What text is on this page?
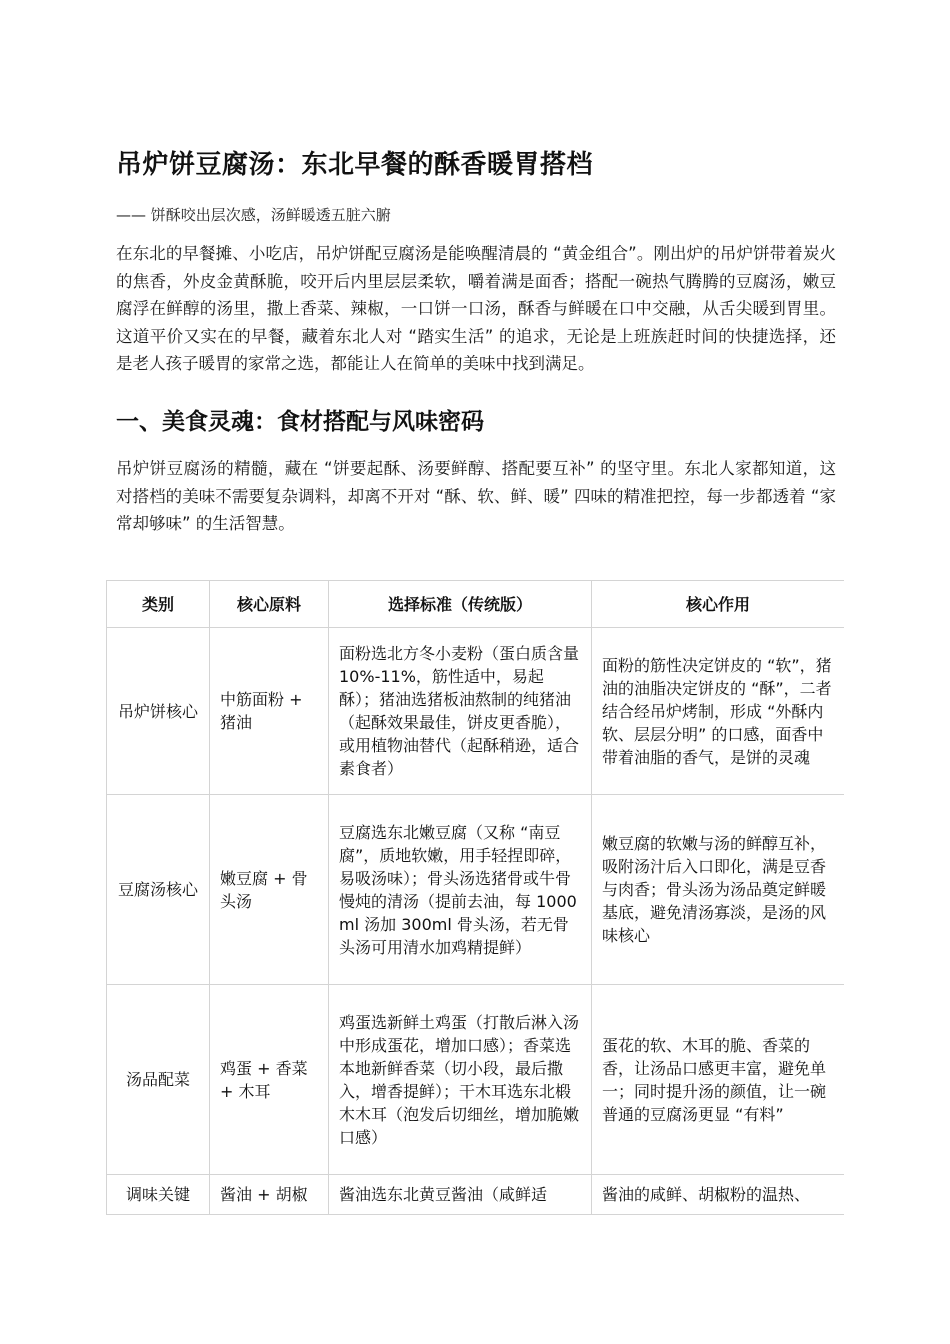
吊炉饼豆腐汤：东北早餐的酥香暖胃搭档

—— 饼酥咬出层次感，汤鲜暖透五脏六腑

在东北的早餐摊、小吃店，吊炉饼配豆腐汤是能唤醒清晨的 “黄金组合”。刚出炉的吊炉饼带着炭火的焦香，外皮金黄酥脆，咬开后内里层层柔软，嚼着满是面香；搭配一碗热气腾腾的豆腐汤，嫩豆腐浮在鲜醇的汤里，撒上香菜、辣椒，一口饼一口汤，酥香与鲜暖在口中交融，从舌尖暖到胃里。这道平价又实在的早餐，藏着东北人对 “踏实生活” 的追求，无论是上班族赶时间的快捷选择，还是老人孩子暖胃的家常之选，都能让人在简单的美味中找到满足。

一、美食灵魂：食材搭配与风味密码

吊炉饼豆腐汤的精髓，藏在 “饼要起酥、汤要鲜醇、搭配要互补” 的坚守里。东北人家都知道，这对搭档的美味不需要复杂调料，却离不开对 “酥、软、鲜、暖” 四味的精准把控，每一步都透着 “家常却够味” 的生活智慧。

类别	核心原料	选择标准（传统版）	核心作用
吊炉饼核心	中筋面粉 + 猪油	面粉选北方冬小麦粉（蛋白质含量 10%-11%，筋性适中，易起酥）；猪油选猪板油熬制的纯猪油（起酥效果最佳，饼皮更香脆），或用植物油替代（起酥稍逊，适合素食者）	面粉的筋性决定饼皮的 “软”，猪油的油脂决定饼皮的 “酥”，二者结合经吊炉烤制，形成 “外酥内软、层层分明” 的口感，面香中带着油脂的香气，是饼的灵魂
豆腐汤核心	嫩豆腐 + 骨头汤	豆腐选东北嫩豆腐（又称 “南豆腐”，质地软嫩，用手轻捏即碎，易吸汤味）；骨头汤选猪骨或牛骨慢炖的清汤（提前去油，每 1000ml 汤加 300ml 骨头汤，若无骨头汤可用清水加鸡精提鲜）	嫩豆腐的软嫩与汤的鲜醇互补，吸附汤汁后入口即化，满是豆香与肉香；骨头汤为汤品奠定鲜暖基底，避免清汤寡淡，是汤的风味核心
汤品配菜	鸡蛋 + 香菜 + 木耳	鸡蛋选新鲜土鸡蛋（打散后淋入汤中形成蛋花，增加口感）；香菜选本地新鲜香菜（切小段，最后撒入，增香提鲜）；干木耳选东北椴木木耳（泡发后切细丝，增加脆嫩口感）	蛋花的软、木耳的脆、香菜的香，让汤品口感更丰富，避免单一；同时提升汤的颜值，让一碗普通的豆腐汤更显 “有料”
调味关键	酱油 + 胡椒	酱油选东北黄豆酱油（咸鲜适	酱油的咸鲜、胡椒粉的温热、
